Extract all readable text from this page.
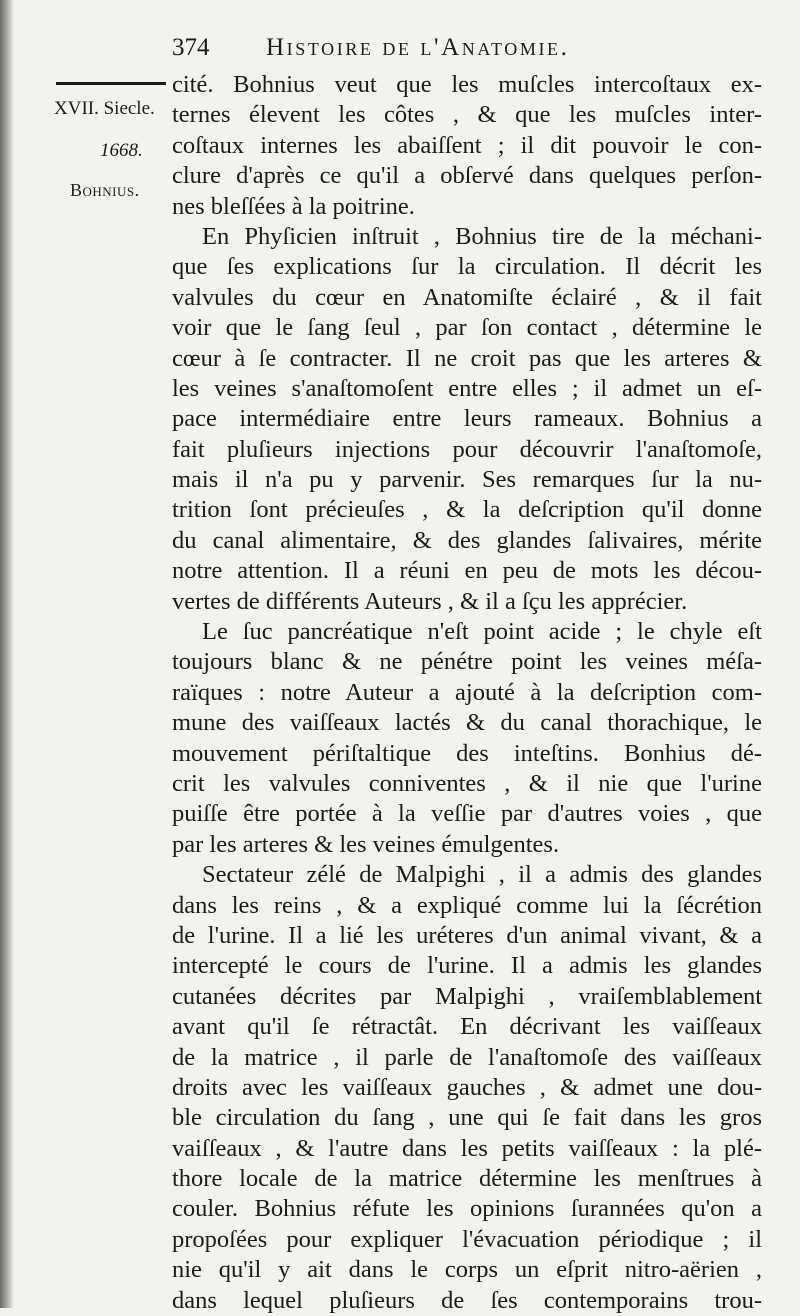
374 Histoire de l'Anatomie.
XVII. Siecle.
1668.
Bohnius.
cité. Bohnius veut que les muſcles intercoſtaux ex-
ternes élevent les côtes , & que les muſcles inter-
coſtaux internes les abaiſſent ; il dit pouvoir le con-
clure d'après ce qu'il a obſervé dans quelques perſon-
nes bleſſées à la poitrine.
En Phyſicien inſtruit , Bohnius tire de la méchani-
que ſes explications ſur la circulation. Il décrit les
valvules du cœur en Anatomiſte éclairé , & il fait
voir que le ſang ſeul , par ſon contact , détermine le
cœur à ſe contracter. Il ne croit pas que les arteres &
les veines s'anaſtomoſent entre elles ; il admet un eſ-
pace intermédiaire entre leurs rameaux. Bohnius a
fait pluſieurs injections pour découvrir l'anaſtomoſe,
mais il n'a pu y parvenir. Ses remarques ſur la nu-
trition ſont précieuſes , & la deſcription qu'il donne
du canal alimentaire, & des glandes ſalivaires, mérite
notre attention. Il a réuni en peu de mots les décou-
vertes de différents Auteurs , & il a ſçu les apprécier.
Le ſuc pancréatique n'eſt point acide ; le chyle eſt
toujours blanc & ne pénétre point les veines méſa-
raïques : notre Auteur a ajouté à la deſcription com-
mune des vaiſſeaux lactés & du canal thorachique, le
mouvement périſtaltique des inteſtins. Bonhius dé-
crit les valvules conniventes , & il nie que l'urine
puiſſe être portée à la veſſie par d'autres voies , que
par les arteres & les veines émulgentes.
Sectateur zélé de Malpighi , il a admis des glandes
dans les reins , & a expliqué comme lui la ſécrétion
de l'urine. Il a lié les uréteres d'un animal vivant, & a
intercepté le cours de l'urine. Il a admis les glandes
cutanées décrites par Malpighi , vraiſemblablement
avant qu'il ſe rétractât. En décrivant les vaiſſeaux
de la matrice , il parle de l'anaſtomoſe des vaiſſeaux
droits avec les vaiſſeaux gauches , & admet une dou-
ble circulation du ſang , une qui ſe fait dans les gros
vaiſſeaux , & l'autre dans les petits vaiſſeaux : la plé-
thore locale de la matrice détermine les menſtrues à
couler. Bohnius réfute les opinions ſurannées qu'on a
propoſées pour expliquer l'évacuation périodique ; il
nie qu'il y ait dans le corps un eſprit nitro-aërien ,
dans lequel pluſieurs de ſes contemporains trou-
